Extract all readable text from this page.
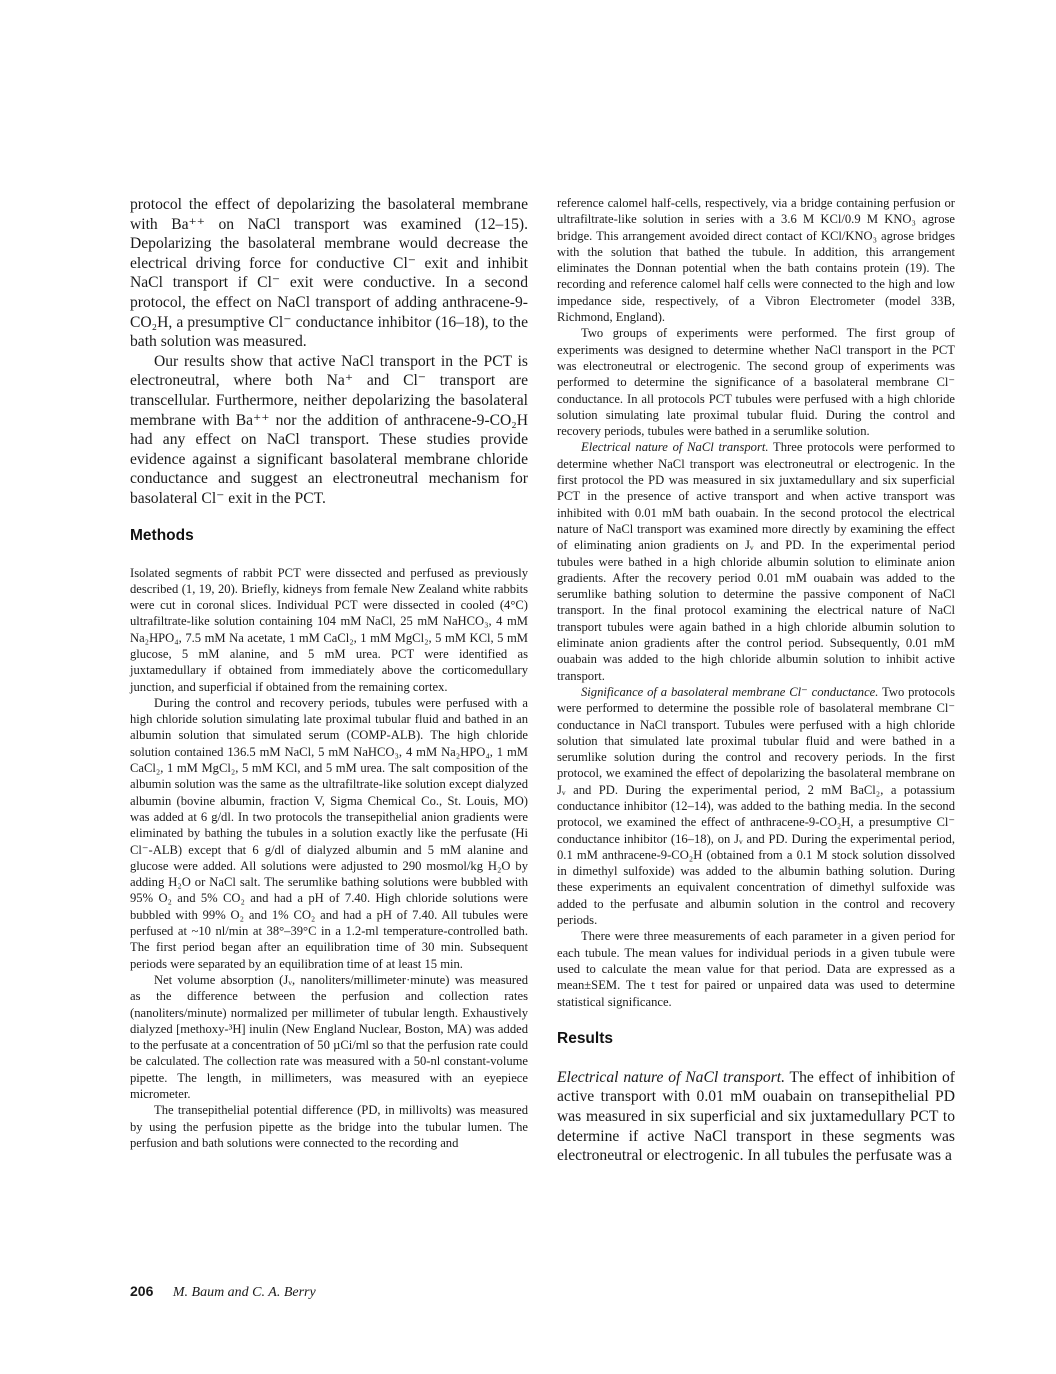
protocol the effect of depolarizing the basolateral membrane with Ba⁺⁺ on NaCl transport was examined (12–15). Depolarizing the basolateral membrane would decrease the electrical driving force for conductive Cl⁻ exit and inhibit NaCl transport if Cl⁻ exit were conductive. In a second protocol, the effect on NaCl transport of adding anthracene-9-CO₂H, a presumptive Cl⁻ conductance inhibitor (16–18), to the bath solution was measured.

Our results show that active NaCl transport in the PCT is electroneutral, where both Na⁺ and Cl⁻ transport are transcellular. Furthermore, neither depolarizing the basolateral membrane with Ba⁺⁺ nor the addition of anthracene-9-CO₂H had any effect on NaCl transport. These studies provide evidence against a significant basolateral membrane chloride conductance and suggest an electroneutral mechanism for basolateral Cl⁻ exit in the PCT.

Methods

Isolated segments of rabbit PCT were dissected and perfused as previously described (1, 19, 20). Briefly, kidneys from female New Zealand white rabbits were cut in coronal slices. Individual PCT were dissected in cooled (4°C) ultrafiltrate-like solution containing 104 mM NaCl, 25 mM NaHCO₃, 4 mM Na₂HPO₄, 7.5 mM Na acetate, 1 mM CaCl₂, 1 mM MgCl₂, 5 mM KCl, 5 mM glucose, 5 mM alanine, and 5 mM urea. PCT were identified as juxtamedullary if obtained from immediately above the corticomedullary junction, and superficial if obtained from the remaining cortex.

During the control and recovery periods, tubules were perfused with a high chloride solution simulating late proximal tubular fluid and bathed in an albumin solution that simulated serum (COMP-ALB). The high chloride solution contained 136.5 mM NaCl, 5 mM NaHCO₃, 4 mM Na₂HPO₄, 1 mM CaCl₂, 1 mM MgCl₂, 5 mM KCl, and 5 mM urea. The salt composition of the albumin solution was the same as the ultrafiltrate-like solution except dialyzed albumin (bovine albumin, fraction V, Sigma Chemical Co., St. Louis, MO) was added at 6 g/dl. In two protocols the transepithelial anion gradients were eliminated by bathing the tubules in a solution exactly like the perfusate (Hi Cl⁻-ALB) except that 6 g/dl of dialyzed albumin and 5 mM alanine and glucose were added. All solutions were adjusted to 290 mosmol/kg H₂O by adding H₂O or NaCl salt. The serumlike bathing solutions were bubbled with 95% O₂ and 5% CO₂ and had a pH of 7.40. High chloride solutions were bubbled with 99% O₂ and 1% CO₂ and had a pH of 7.40. All tubules were perfused at ~10 nl/min at 38°–39°C in a 1.2-ml temperature-controlled bath. The first period began after an equilibration time of 30 min. Subsequent periods were separated by an equilibration time of at least 15 min.

Net volume absorption (Jᵥ, nanoliters/millimeter·minute) was measured as the difference between the perfusion and collection rates (nanoliters/minute) normalized per millimeter of tubular length. Exhaustively dialyzed [methoxy-³H] inulin (New England Nuclear, Boston, MA) was added to the perfusate at a concentration of 50 µCi/ml so that the perfusion rate could be calculated. The collection rate was measured with a 50-nl constant-volume pipette. The length, in millimeters, was measured with an eyepiece micrometer.

The transepithelial potential difference (PD, in millivolts) was measured by using the perfusion pipette as the bridge into the tubular lumen. The perfusion and bath solutions were connected to the recording and

reference calomel half-cells, respectively, via a bridge containing perfusion or ultrafiltrate-like solution in series with a 3.6 M KCl/0.9 M KNO₃ agrose bridge. This arrangement avoided direct contact of KCl/KNO₃ agrose bridges with the solution that bathed the tubule. In addition, this arrangement eliminates the Donnan potential when the bath contains protein (19). The recording and reference calomel half cells were connected to the high and low impedance side, respectively, of a Vibron Electrometer (model 33B, Richmond, England).

Two groups of experiments were performed. The first group of experiments was designed to determine whether NaCl transport in the PCT was electroneutral or electrogenic. The second group of experiments was performed to determine the significance of a basolateral membrane Cl⁻ conductance. In all protocols PCT tubules were perfused with a high chloride solution simulating late proximal tubular fluid. During the control and recovery periods, tubules were bathed in a serumlike solution.

Electrical nature of NaCl transport. Three protocols were performed to determine whether NaCl transport was electroneutral or electrogenic. In the first protocol the PD was measured in six juxtamedullary and six superficial PCT in the presence of active transport and when active transport was inhibited with 0.01 mM bath ouabain. In the second protocol the electrical nature of NaCl transport was examined more directly by examining the effect of eliminating anion gradients on Jᵥ and PD. In the experimental period tubules were bathed in a high chloride albumin solution to eliminate anion gradients. After the recovery period 0.01 mM ouabain was added to the serumlike bathing solution to determine the passive component of NaCl transport. In the final protocol examining the electrical nature of NaCl transport tubules were again bathed in a high chloride albumin solution to eliminate anion gradients after the control period. Subsequently, 0.01 mM ouabain was added to the high chloride albumin solution to inhibit active transport.

Significance of a basolateral membrane Cl⁻ conductance. Two protocols were performed to determine the possible role of basolateral membrane Cl⁻ conductance in NaCl transport. Tubules were perfused with a high chloride solution that simulated late proximal tubular fluid and were bathed in a serumlike solution during the control and recovery periods. In the first protocol, we examined the effect of depolarizing the basolateral membrane on Jᵥ and PD. During the experimental period, 2 mM BaCl₂, a potassium conductance inhibitor (12–14), was added to the bathing media. In the second protocol, we examined the effect of anthracene-9-CO₂H, a presumptive Cl⁻ conductance inhibitor (16–18), on Jᵥ and PD. During the experimental period, 0.1 mM anthracene-9-CO₂H (obtained from a 0.1 M stock solution dissolved in dimethyl sulfoxide) was added to the albumin bathing solution. During these experiments an equivalent concentration of dimethyl sulfoxide was added to the perfusate and albumin solution in the control and recovery periods.

There were three measurements of each parameter in a given period for each tubule. The mean values for individual periods in a given tubule were used to calculate the mean value for that period. Data are expressed as a mean±SEM. The t test for paired or unpaired data was used to determine statistical significance.

Results

Electrical nature of NaCl transport. The effect of inhibition of active transport with 0.01 mM ouabain on transepithelial PD was measured in six superficial and six juxtamedullary PCT to determine if active NaCl transport in these segments was electroneutral or electrogenic. In all tubules the perfusate was a

206 M. Baum and C. A. Berry
